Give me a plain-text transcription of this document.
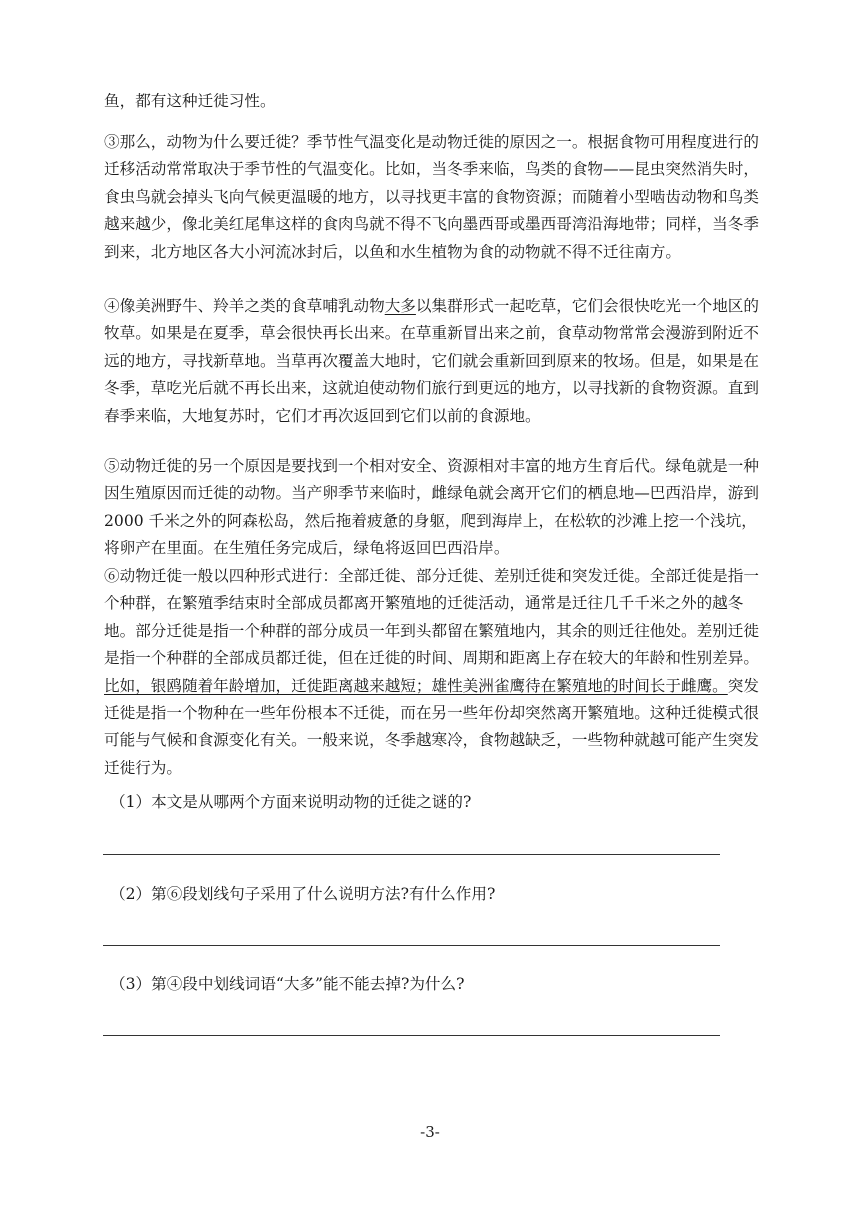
鱼，都有这种迁徙习性。

③那么，动物为什么要迁徙？季节性气温变化是动物迁徙的原因之一。根据食物可用程度进行的迁移活动常常取决于季节性的气温变化。比如，当冬季来临，鸟类的食物——昆虫突然消失时，食虫鸟就会掉头飞向气候更温暖的地方，以寻找更丰富的食物资源；而随着小型啮齿动物和鸟类越来越少，像北美红尾隼这样的食肉鸟就不得不飞向墨西哥或墨西哥湾沿海地带；同样，当冬季到来，北方地区各大小河流冰封后，以鱼和水生植物为食的动物就不得不迁往南方。

④像美洲野牛、羚羊之类的食草哺乳动物大多以集群形式一起吃草，它们会很快吃光一个地区的牧草。如果是在夏季，草会很快再长出来。在草重新冒出来之前，食草动物常常会漫游到附近不远的地方，寻找新草地。当草再次覆盖大地时，它们就会重新回到原来的牧场。但是，如果是在冬季，草吃光后就不再长出来，这就迫使动物们旅行到更远的地方，以寻找新的食物资源。直到春季来临，大地复苏时，它们才再次返回到它们以前的食源地。

⑤动物迁徙的另一个原因是要找到一个相对安全、资源相对丰富的地方生育后代。绿龟就是一种因生殖原因而迁徙的动物。当产卵季节来临时，雌绿龟就会离开它们的栖息地—巴西沿岸，游到 2000 千米之外的阿森松岛，然后拖着疲惫的身躯，爬到海岸上，在松软的沙滩上挖一个浅坑，将卵产在里面。在生殖任务完成后，绿龟将返回巴西沿岸。

⑥动物迁徙一般以四种形式进行：全部迁徙、部分迁徙、差别迁徙和突发迁徙。全部迁徙是指一个种群，在繁殖季结束时全部成员都离开繁殖地的迁徙活动，通常是迁往几千千米之外的越冬地。部分迁徙是指一个种群的部分成员一年到头都留在繁殖地内，其余的则迁往他处。差别迁徙是指一个种群的全部成员都迁徙，但在迁徙的时间、周期和距离上存在较大的年龄和性别差异。比如，银鸥随着年龄增加，迁徙距离越来越短；雄性美洲雀鹰待在繁殖地的时间长于雌鹰。突发迁徙是指一个物种在一些年份根本不迁徙，而在另一些年份却突然离开繁殖地。这种迁徙模式很可能与气候和食源变化有关。一般来说，冬季越寒冷，食物越缺乏，一些物种就越可能产生突发迁徙行为。

（1）本文是从哪两个方面来说明动物的迁徙之谜的?

（2）第⑥段划线句子采用了什么说明方法?有什么作用?

（3）第④段中划线词语“大多”能不能去掉?为什么?

-3-
